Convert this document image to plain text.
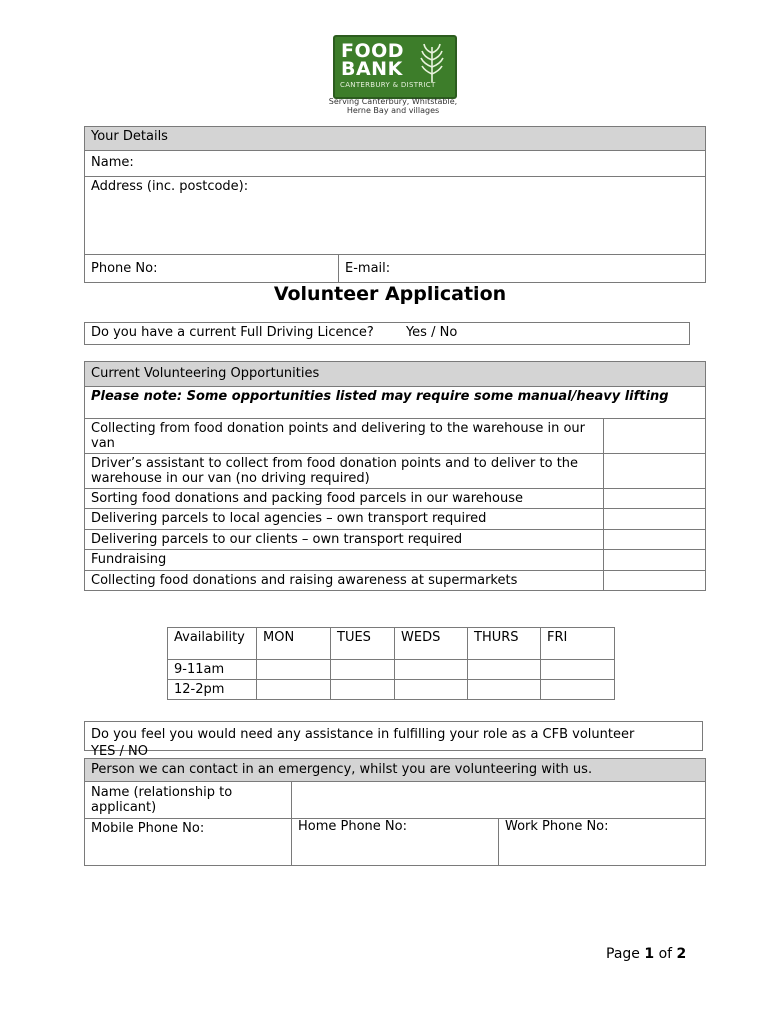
FOOD
BANK
CANTERBURY & DISTRICT
Serving Canterbury, Whitstable, Herne Bay and villages
Your Details
Name:
Address (inc. postcode):
Phone No:	E-mail:
Volunteer Application
Do you have a current Full Driving Licence? Yes / No
Current Volunteering Opportunities	
Please note: Some opportunities listed may require some manual/heavy lifting	
Collecting from food donation points and delivering to the warehouse in our van	
Driver’s assistant to collect from food donation points and to deliver to the warehouse in our van (no driving required)	
Sorting food donations and packing food parcels in our warehouse	
Delivering parcels to local agencies – own transport required	
Delivering parcels to our clients – own transport required	
Fundraising	
Collecting food donations and raising awareness at supermarkets	
Availability	MON	TUES	WEDS	THURS	FRI
9-11am					
12-2pm					
Do you feel you would need any assistance in fulfilling your role as a CFB volunteer
YES / NO
Person we can contact in an emergency, whilst you are volunteering with us.		
Name (relationship to applicant)		
Mobile Phone No:	Home Phone No:	Work Phone No:
Page 1 of 2
